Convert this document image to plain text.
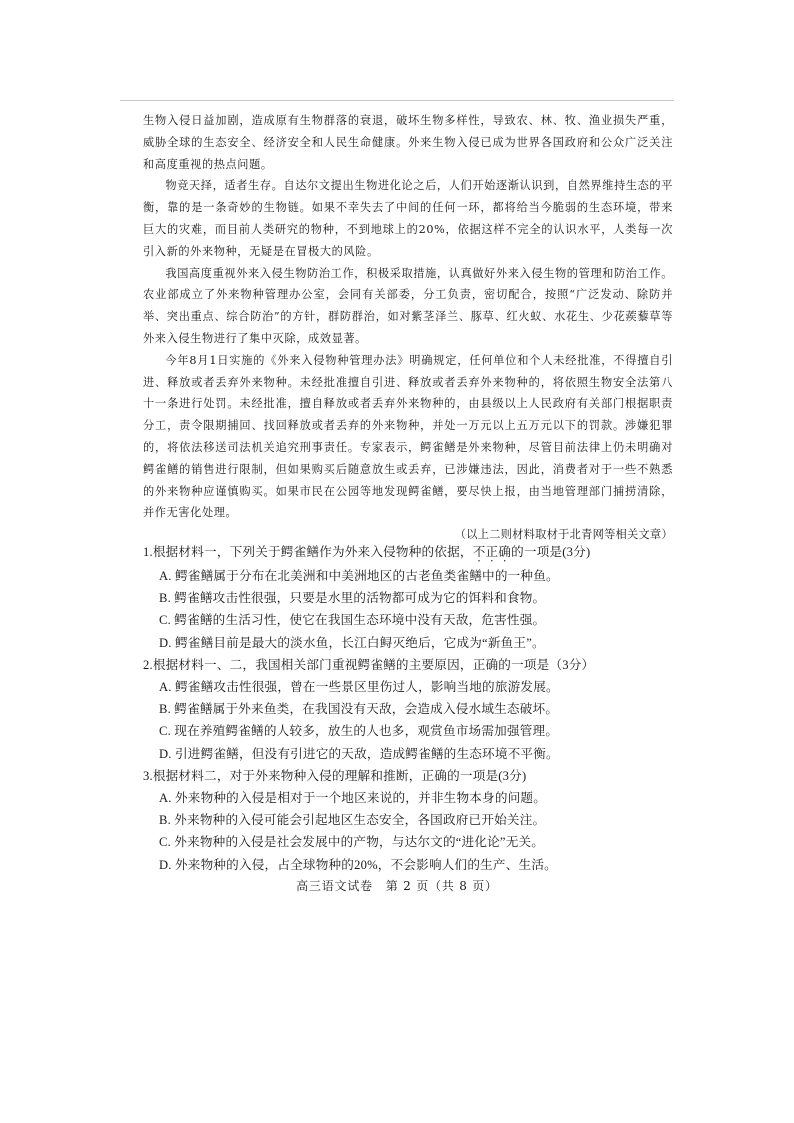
生物入侵日益加剧，造成原有生物群落的衰退，破坏生物多样性，导致农、林、牧、渔业损失严重，威胁全球的生态安全、经济安全和人民生命健康。外来生物入侵已成为世界各国政府和公众广泛关注和高度重视的热点问题。

物竞天择，适者生存。自达尔文提出生物进化论之后，人们开始逐渐认识到，自然界维持生态的平衡，靠的是一条奇妙的生物链。如果不幸失去了中间的任何一环，都将给当今脆弱的生态环境，带来巨大的灾难，而目前人类研究的物种，不到地球上的20%，依据这样不完全的认识水平，人类每一次引入新的外来物种，无疑是在冒极大的风险。

我国高度重视外来入侵生物防治工作，积极采取措施，认真做好外来入侵生物的管理和防治工作。农业部成立了外来物种管理办公室，会同有关部委，分工负责，密切配合，按照“广泛发动、除防并举、突出重点、综合防治”的方针，群防群治，如对紫茎泽兰、豚草、红火蚁、水花生、少花蒺藜草等外来入侵生物进行了集中灭除，成效显著。

今年8月1日实施的《外来入侵物种管理办法》明确规定，任何单位和个人未经批准，不得擅自引进、释放或者丢弃外来物种。未经批准擅自引进、释放或者丢弃外来物种的，将依照生物安全法第八十一条进行处罚。未经批准，擅自释放或者丢弃外来物种的，由县级以上人民政府有关部门根据职责分工，责令限期捕回、找回释放或者丢弃的外来物种，并处一万元以上五万元以下的罚款。涉嫌犯罪的，将依法移送司法机关追究刑事责任。专家表示，鳄雀鳝是外来物种，尽管目前法律上仍未明确对鳄雀鳝的销售进行限制，但如果购买后随意放生或丢弃，已涉嫌违法，因此，消费者对于一些不熟悉的外来物种应谨慎购买。如果市民在公园等地发现鳄雀鳝，要尽快上报，由当地管理部门捕捞清除，并作无害化处理。

（以上二则材料取材于北青网等相关文章）

1.根据材料一，下列关于鳄雀鳝作为外来入侵物种的依据，不正确的一项是(3分)

A. 鳄雀鳝属于分布在北美洲和中美洲地区的古老鱼类雀鳝中的一种鱼。

B. 鳄雀鳝攻击性很强，只要是水里的活物都可成为它的饵料和食物。

C. 鳄雀鳝的生活习性，使它在我国生态环境中没有天敌，危害性强。

D. 鳄雀鳝目前是最大的淡水鱼，长江白鲟灭绝后，它成为“新鱼王”。

2.根据材料一、二，我国相关部门重视鳄雀鳝的主要原因，正确的一项是（3分）

A. 鳄雀鳝攻击性很强，曾在一些景区里伤过人，影响当地的旅游发展。

B. 鳄雀鳝属于外来鱼类，在我国没有天敌，会造成入侵水域生态破坏。

C. 现在养殖鳄雀鳝的人较多，放生的人也多，观赏鱼市场需加强管理。

D. 引进鳄雀鳝，但没有引进它的天敌，造成鳄雀鳝的生态环境不平衡。

3.根据材料二，对于外来物种入侵的理解和推断，正确的一项是(3分)

A. 外来物种的入侵是相对于一个地区来说的，并非生物本身的问题。

B. 外来物种的入侵可能会引起地区生态安全，各国政府已开始关注。

C. 外来物种的入侵是社会发展中的产物，与达尔文的“进化论”无关。

D. 外来物种的入侵，占全球物种的20%，不会影响人们的生产、生活。

高三语文试卷　第 2 页（共 8 页）
